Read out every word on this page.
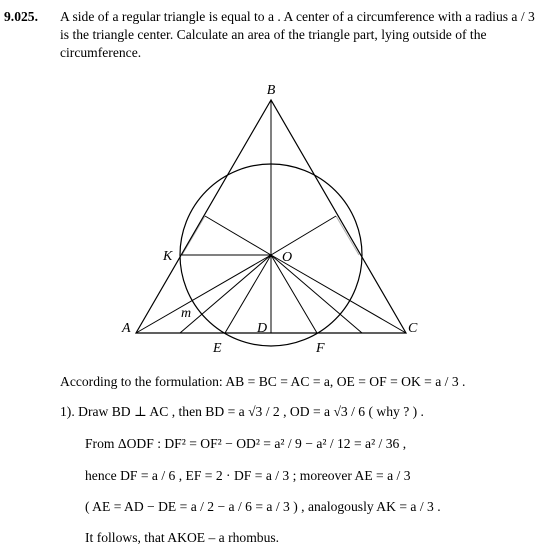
9.025. A side of a regular triangle is equal to a . A center of a circumference with a radius a / 3 is the triangle center. Calculate an area of the triangle part, lying outside of the circumference.
B
K	O
A
m
D	C
E	F
According to the formulation: AB = BC = AC = a, OE = OF = OK = a / 3 .
1). Draw BD ⊥ AC , then BD = a √3 / 2 , OD = a √3 / 6 ( why ? ) .
From ΔODF : DF² = OF² − OD² = a² / 9 − a² / 12 = a² / 36 ,
hence DF = a / 6 , EF = 2 · DF = a / 3 ; moreover AE = a / 3
( AE = AD − DE = a / 2 − a / 6 = a / 3 ) , analogously AK = a / 3 .
It follows, that AKOE – a rhombus.
